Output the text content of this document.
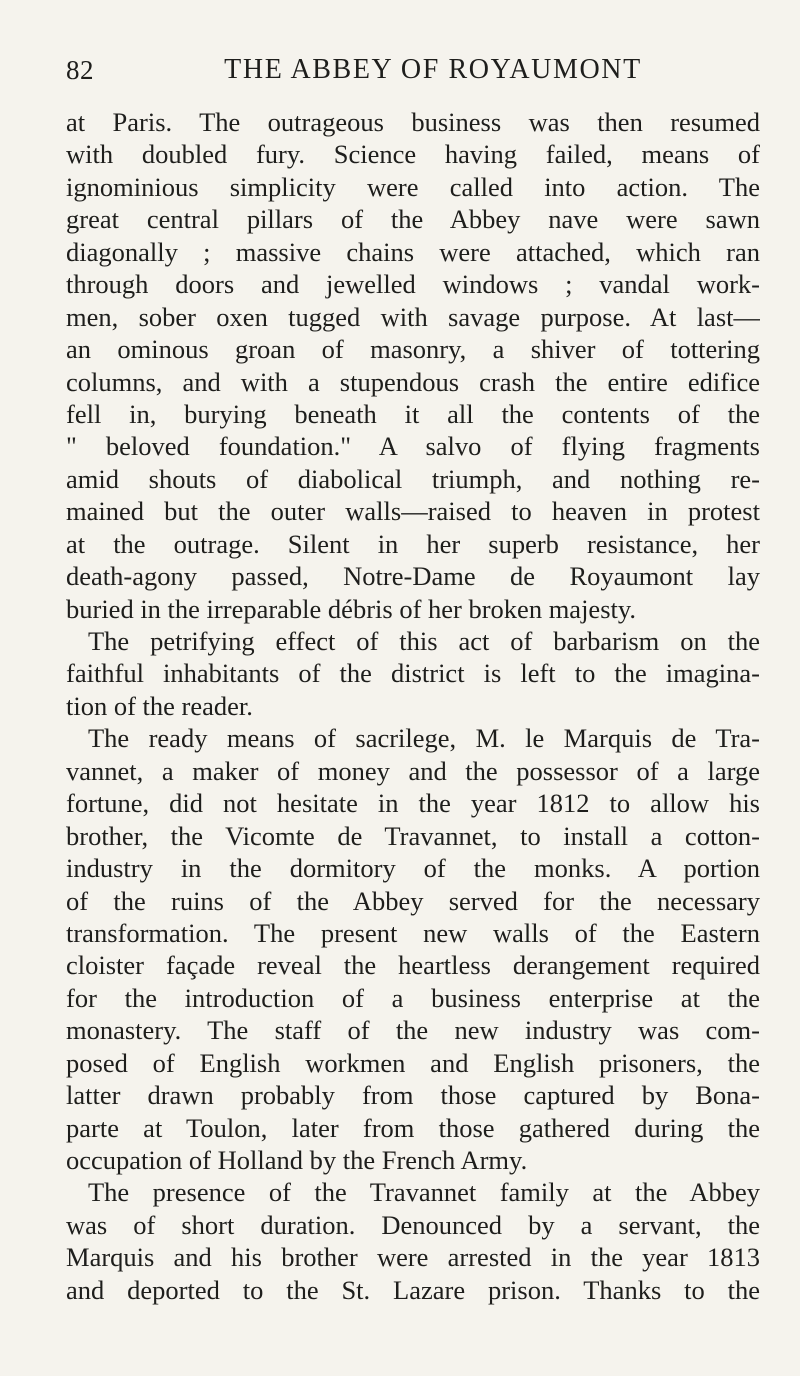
82	THE ABBEY OF ROYAUMONT
at Paris. The outrageous business was then resumed
with doubled fury. Science having failed, means of
ignominious simplicity were called into action. The
great central pillars of the Abbey nave were sawn
diagonally ; massive chains were attached, which ran
through doors and jewelled windows ; vandal work-
men, sober oxen tugged with savage purpose. At last—
an ominous groan of masonry, a shiver of tottering
columns, and with a stupendous crash the entire edifice
fell in, burying beneath it all the contents of the
" beloved foundation." A salvo of flying fragments
amid shouts of diabolical triumph, and nothing re-
mained but the outer walls—raised to heaven in protest
at the outrage. Silent in her superb resistance, her
death-agony passed, Notre-Dame de Royaumont lay
buried in the irreparable débris of her broken majesty.
The petrifying effect of this act of barbarism on the
faithful inhabitants of the district is left to the imagina-
tion of the reader.
The ready means of sacrilege, M. le Marquis de Tra-
vannet, a maker of money and the possessor of a large
fortune, did not hesitate in the year 1812 to allow his
brother, the Vicomte de Travannet, to install a cotton-
industry in the dormitory of the monks. A portion
of the ruins of the Abbey served for the necessary
transformation. The present new walls of the Eastern
cloister façade reveal the heartless derangement required
for the introduction of a business enterprise at the
monastery. The staff of the new industry was com-
posed of English workmen and English prisoners, the
latter drawn probably from those captured by Bona-
parte at Toulon, later from those gathered during the
occupation of Holland by the French Army.
The presence of the Travannet family at the Abbey
was of short duration. Denounced by a servant, the
Marquis and his brother were arrested in the year 1813
and deported to the St. Lazare prison. Thanks to the
